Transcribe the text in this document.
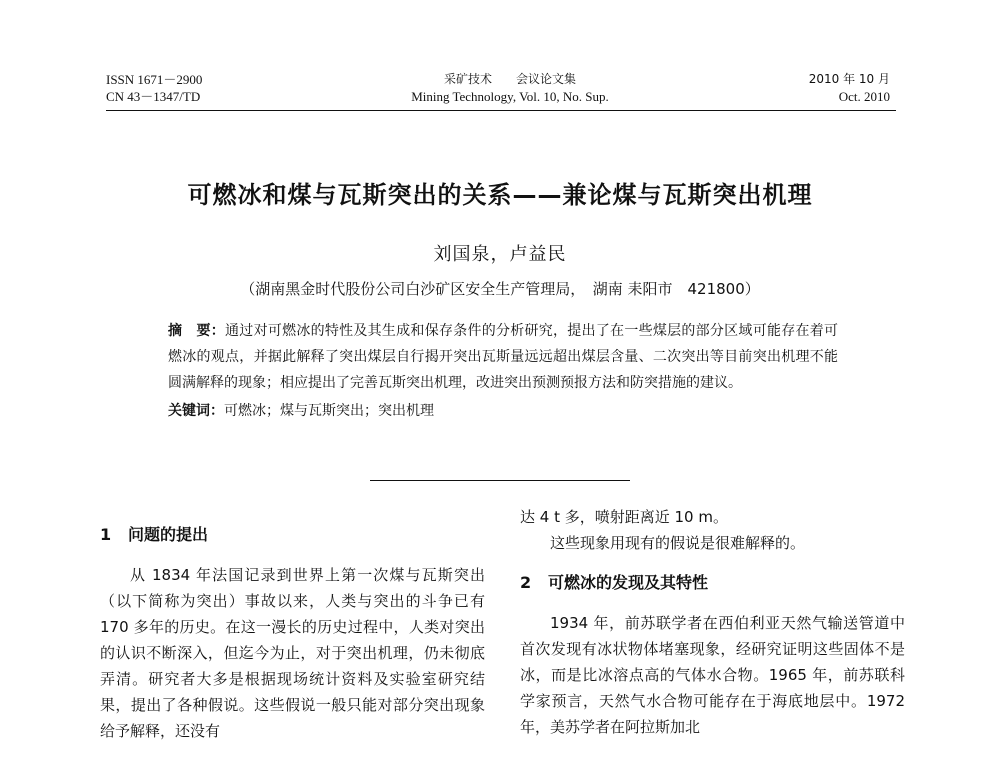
ISSN 1671－2900
CN 43－1347/TD
采矿技术　　会议论文集
Mining Technology, Vol. 10, No. Sup.
2010 年 10 月
Oct. 2010
可燃冰和煤与瓦斯突出的关系——兼论煤与瓦斯突出机理
刘国泉，卢益民
（湖南黑金时代股份公司白沙矿区安全生产管理局，　湖南 耒阳市　421800）
摘　要：通过对可燃冰的特性及其生成和保存条件的分析研究，提出了在一些煤层的部分区域可能存在着可燃冰的观点，并据此解释了突出煤层自行揭开突出瓦斯量远远超出煤层含量、二次突出等目前突出机理不能圆满解释的现象；相应提出了完善瓦斯突出机理，改进突出预测预报方法和防突措施的建议。
关键词：可燃冰；煤与瓦斯突出；突出机理
1 问题的提出

从 1834 年法国记录到世界上第一次煤与瓦斯突出（以下简称为突出）事故以来，人类与突出的斗争已有 170 多年的历史。在这一漫长的历史过程中，人类对突出的认识不断深入，但迄今为止，对于突出机理，仍未彻底弄清。研究者大多是根据现场统计资料及实验室研究结果，提出了各种假说。这些假说一般只能对部分突出现象给予解释，还没有

达 4 t 多，喷射距离近 10 m。

这些现象用现有的假说是很难解释的。

2 可燃冰的发现及其特性

1934 年，前苏联学者在西伯利亚天然气输送管道中首次发现有冰状物体堵塞现象，经研究证明这些固体不是冰，而是比冰溶点高的气体水合物。1965 年，前苏联科学家预言，天然气水合物可能存在于海底地层中。1972 年，美苏学者在阿拉斯加北
